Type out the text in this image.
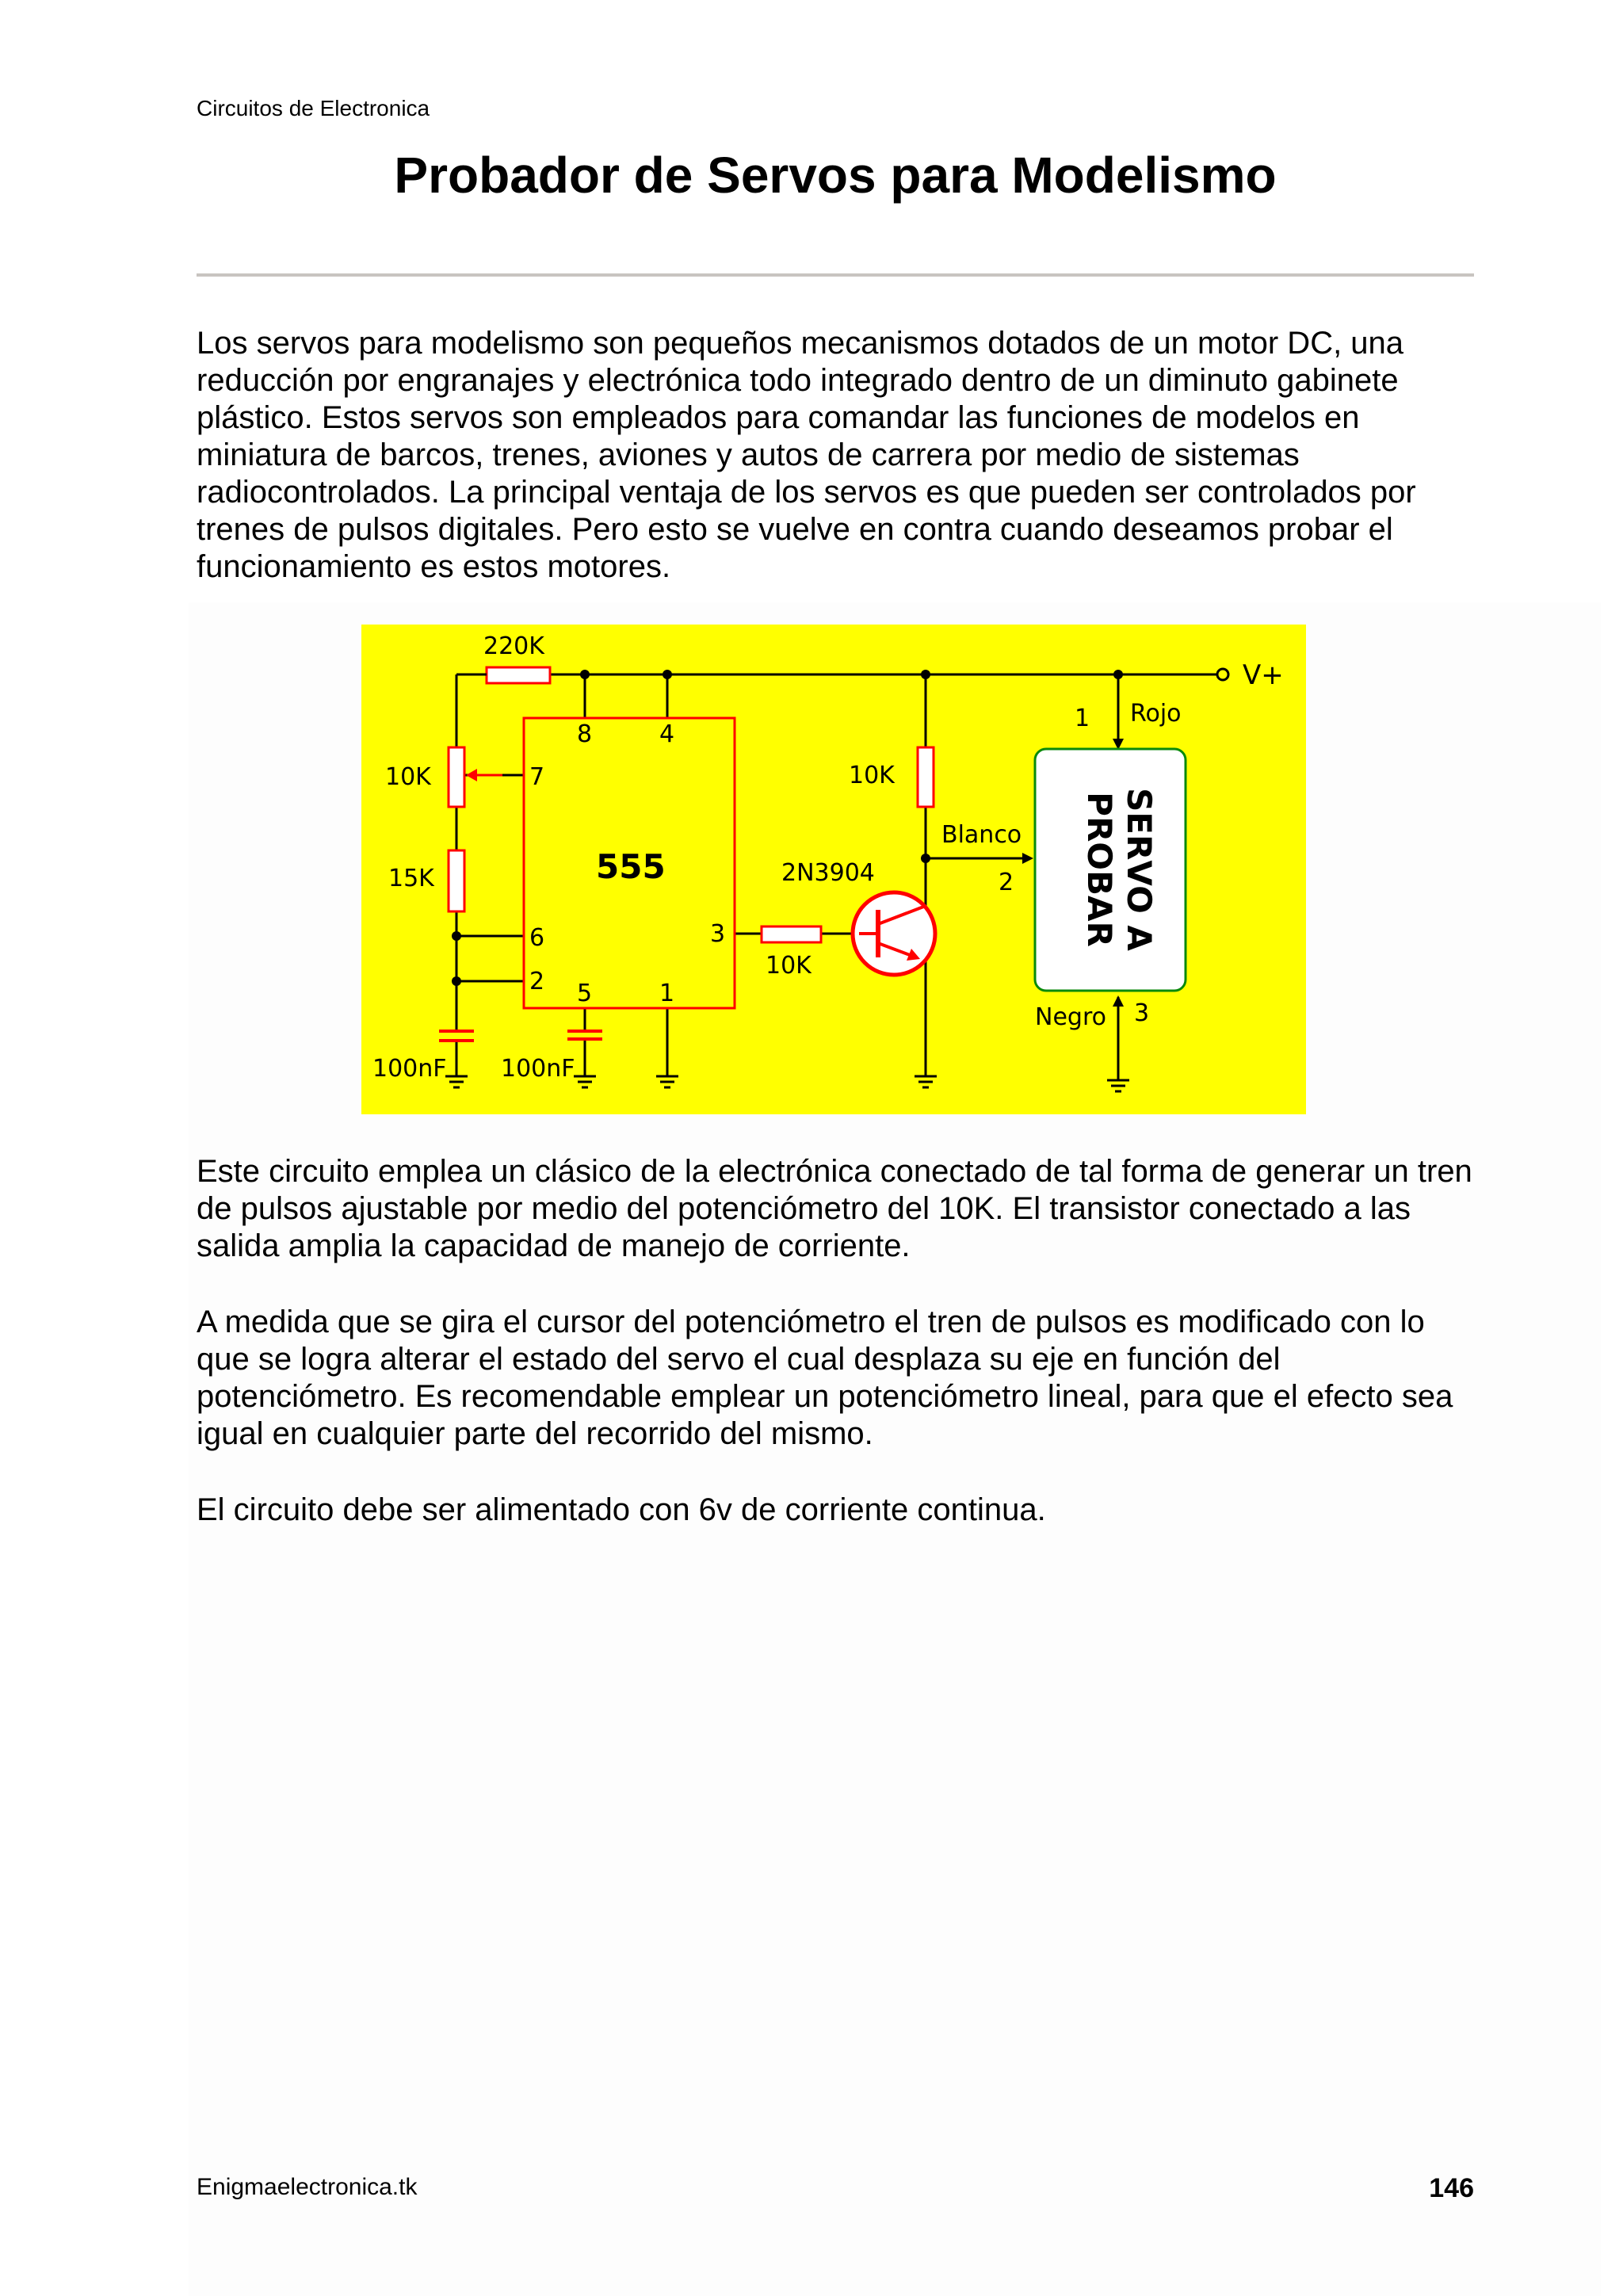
Circuitos de Electronica
Probador de Servos para Modelismo

Los servos para modelismo son pequeños mecanismos dotados de un motor DC, una reducción por engranajes y electrónica todo integrado dentro de un diminuto gabinete plástico. Estos servos son empleados para comandar las funciones de modelos en miniatura de barcos, trenes, aviones y autos de carrera por medio de sistemas radiocontrolados. La principal ventaja de los servos es que pueden ser controlados por trenes de pulsos digitales. Pero esto se vuelve en contra cuando deseamos probar el funcionamiento es estos motores.

V+
220K
10K
15K
100nF 100nF
555
8	4
7
6
2 5	1
3
10K
10K
2N3904
Blanco
2
1 Rojo
Negro 3
SERVO A
PROBAR

Este circuito emplea un clásico de la electrónica conectado de tal forma de generar un tren de pulsos ajustable por medio del potenciómetro del 10K. El transistor conectado a las salida amplia la capacidad de manejo de corriente.

A medida que se gira el cursor del potenciómetro el tren de pulsos es modificado con lo que se logra alterar el estado del servo el cual desplaza su eje en función del potenciómetro. Es recomendable emplear un potenciómetro lineal, para que el efecto sea igual en cualquier parte del recorrido del mismo.

El circuito debe ser alimentado con 6v de corriente continua.

Enigmaelectronica.tk	146
